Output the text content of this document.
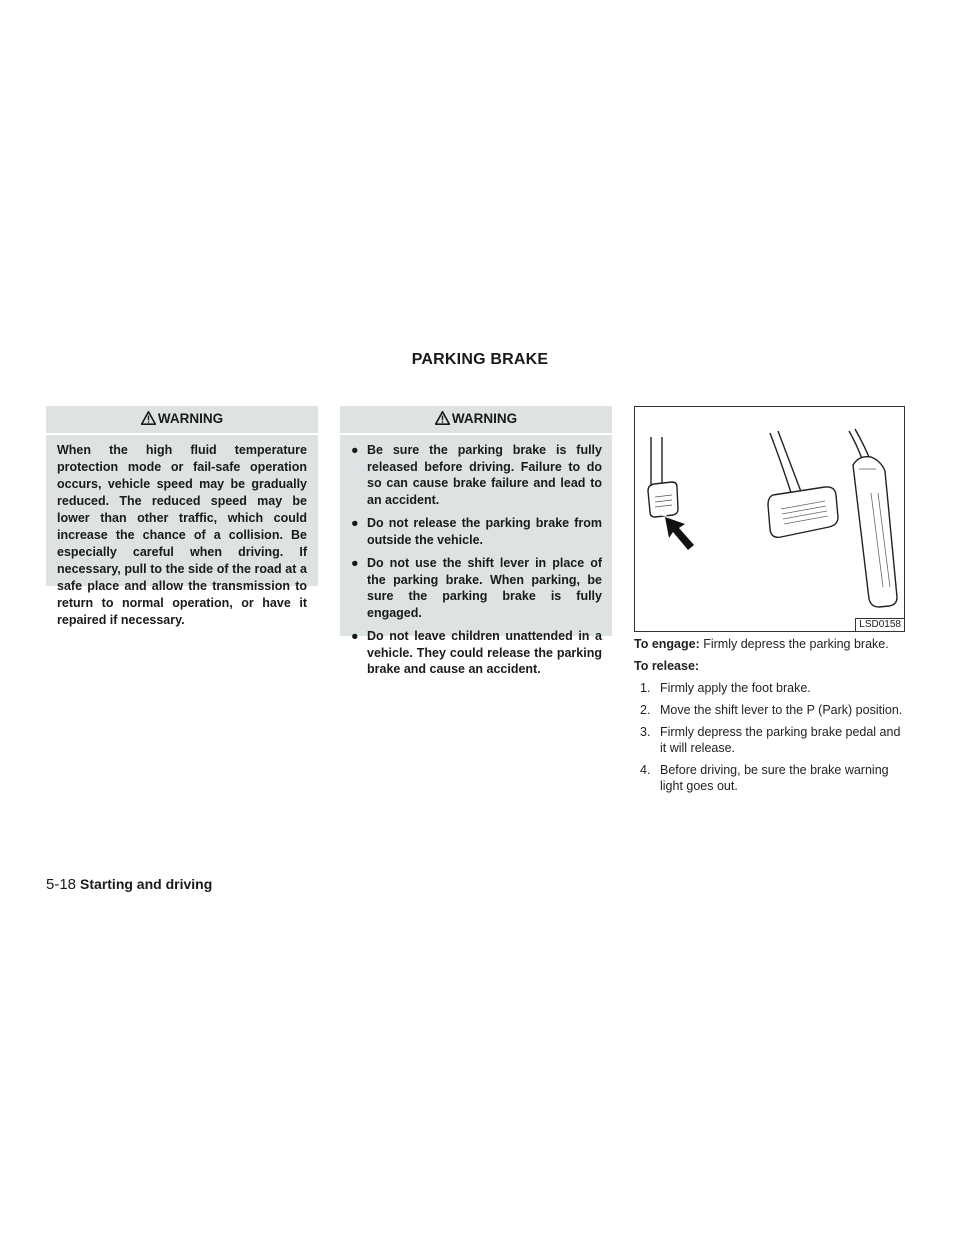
PARKING BRAKE
WARNING
When the high fluid temperature protection mode or fail-safe operation occurs, vehicle speed may be gradually reduced. The reduced speed may be lower than other traffic, which could increase the chance of a collision. Be especially careful when driving. If necessary, pull to the side of the road at a safe place and allow the transmission to return to normal operation, or have it repaired if necessary.
WARNING
● Be sure the parking brake is fully released before driving. Failure to do so can cause brake failure and lead to an accident.
● Do not release the parking brake from outside the vehicle.
● Do not use the shift lever in place of the parking brake. When parking, be sure the parking brake is fully engaged.
● Do not leave children unattended in a vehicle. They could release the parking brake and cause an accident.
LSD0158

To engage: Firmly depress the parking brake.

To release:

1. Firmly apply the foot brake.
2. Move the shift lever to the P (Park) position.
3. Firmly depress the parking brake pedal and it will release.
4. Before driving, be sure the brake warning light goes out.
5-18 Starting and driving
